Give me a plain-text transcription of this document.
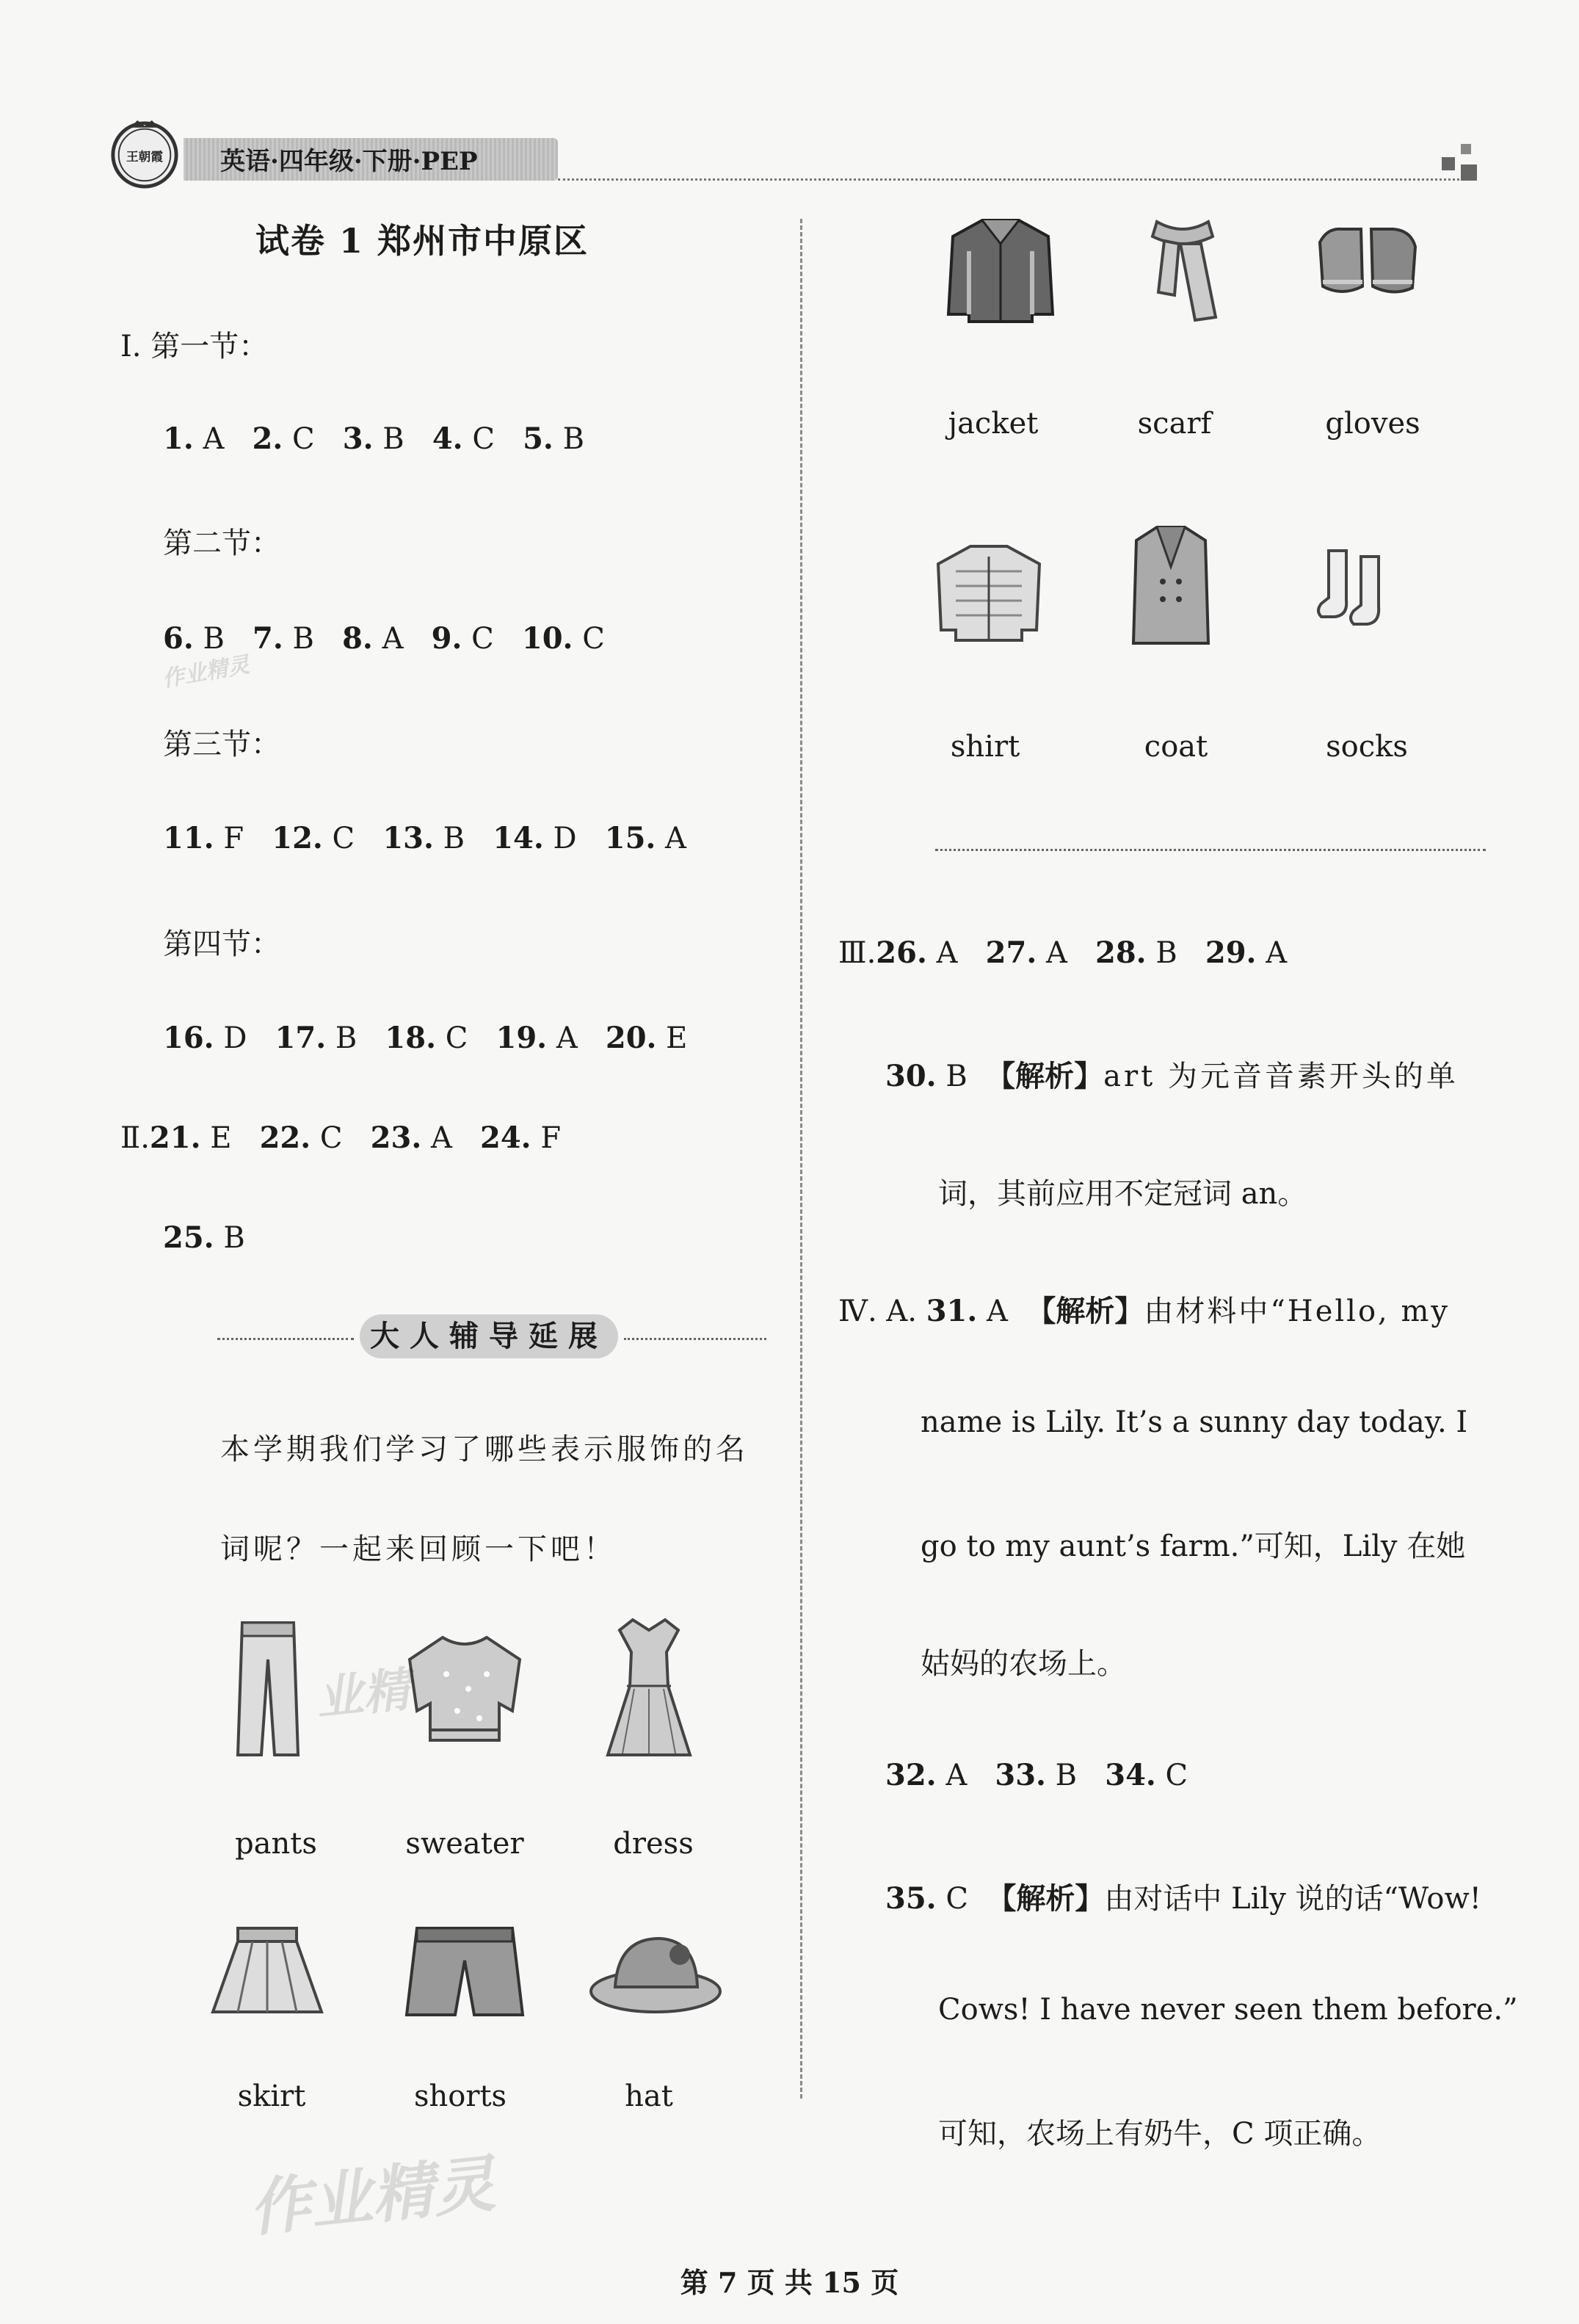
王朝霞 英语·四年级·下册·PEP
试卷 1 郑州市中原区
Ⅰ. 第一节：
1. A 2. C 3. B 4. C 5. B
第二节：
6. B 7. B 8. A 9. C 10. C
第三节：
11. F 12. C 13. B 14. D 15. A
第四节：
16. D 17. B 18. C 19. A 20. E
Ⅱ.21. E 22. C 23. A 24. F
25. B
大人辅导延展
本学期我们学习了哪些表示服饰的名
词呢？一起来回顾一下吧！
pants	sweater	dress
skirt	shorts	hat
jacket	scarf	gloves
shirt	coat	socks
Ⅲ.26. A 27. A 28. B 29. A
30. B 【解析】art 为元音音素开头的单
词，其前应用不定冠词 an。
Ⅳ. A. 31. A 【解析】由材料中“Hello, my
name is Lily. It’s a sunny day today. I
go to my aunt’s farm.”可知，Lily 在她
姑妈的农场上。
32. A 33. B 34. C
35. C 【解析】由对话中 Lily 说的话“Wow!
Cows! I have never seen them before.”
可知，农场上有奶牛，C 项正确。
作业精灵
业精
作业精灵
第 7 页 共 15 页
